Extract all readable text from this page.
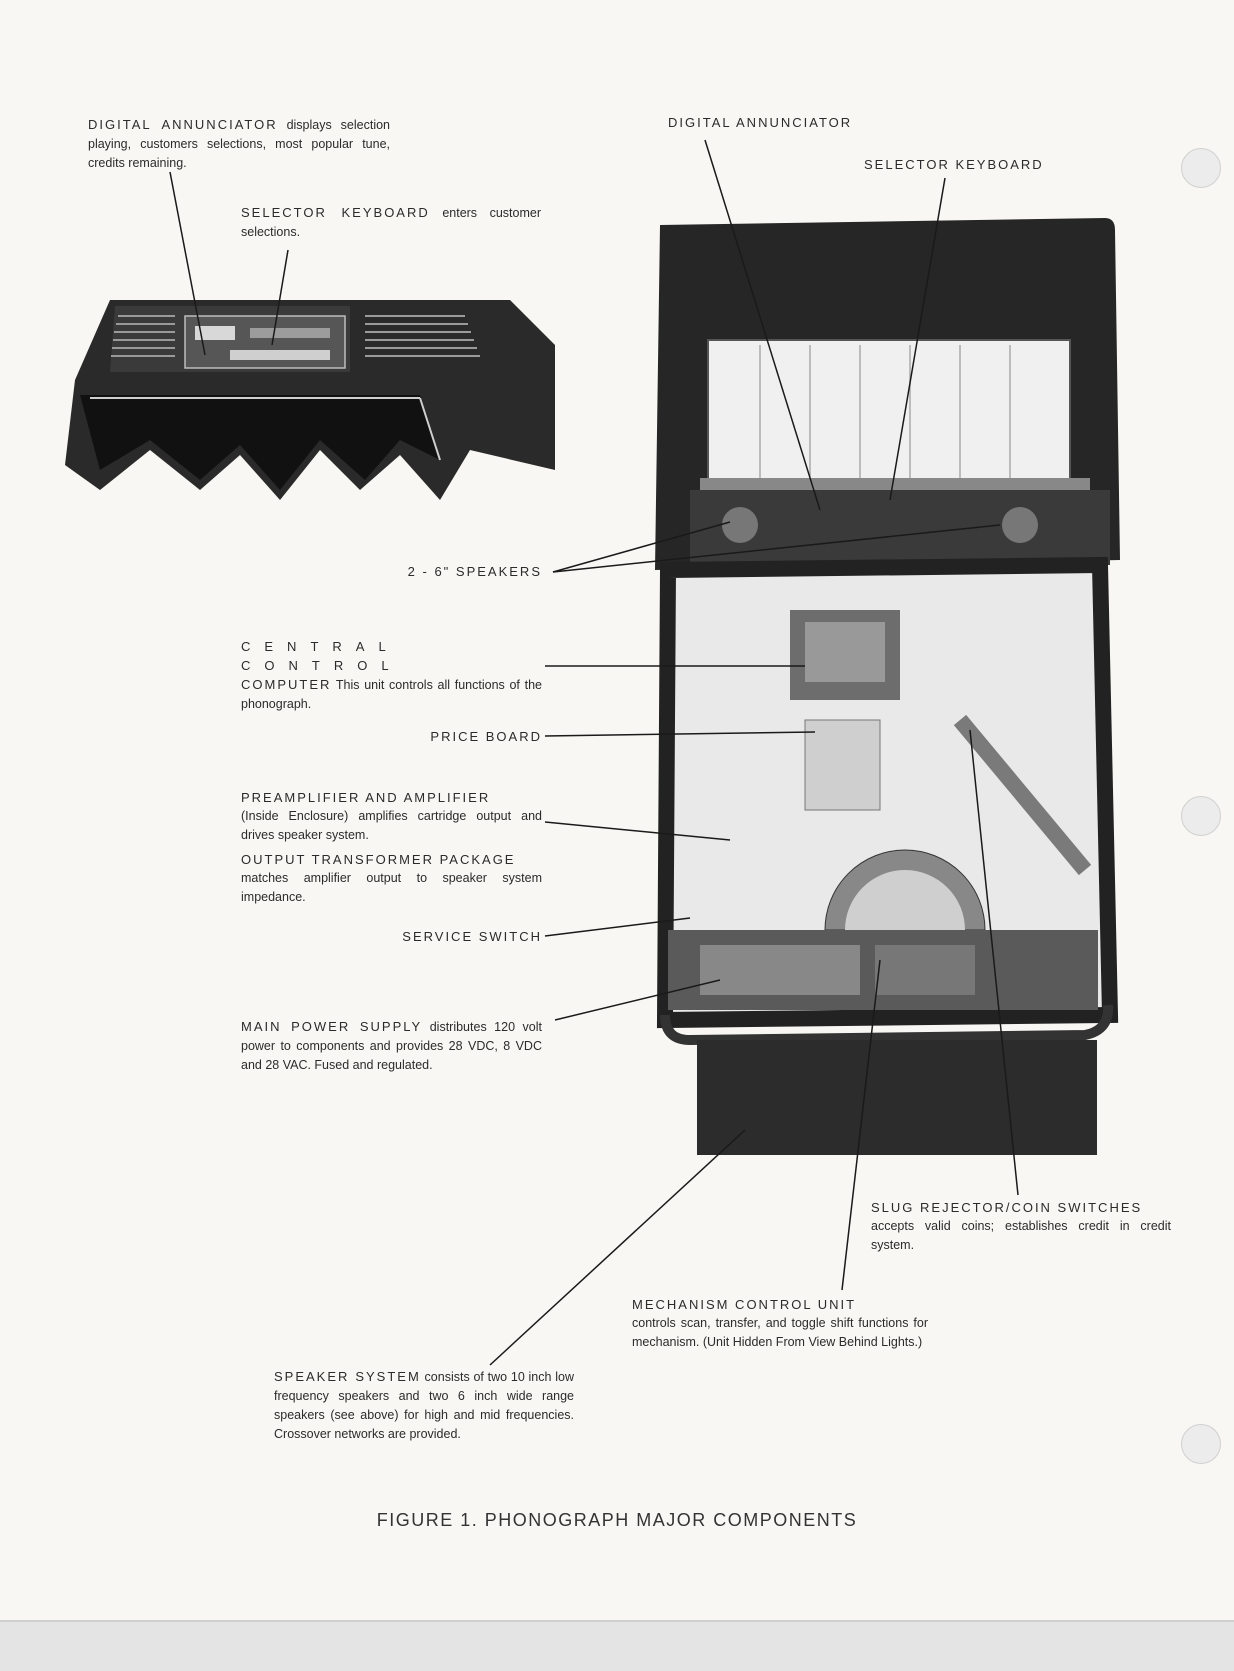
DIGITAL ANNUNCIATOR displays selection playing, customers selections, most popular tune, credits remaining.
SELECTOR KEYBOARD enters customer selections.
DIGITAL ANNUNCIATOR
SELECTOR KEYBOARD
2 - 6" SPEAKERS
CENTRAL CONTROL
COMPUTER This unit controls all functions of the phonograph.
PRICE BOARD
PREAMPLIFIER AND AMPLIFIER
(Inside Enclosure) amplifies cartridge output and drives speaker system.
OUTPUT TRANSFORMER PACKAGE
matches amplifier output to speaker system impedance.
SERVICE SWITCH
MAIN POWER SUPPLY distributes 120 volt power to components and provides 28 VDC, 8 VDC and 28 VAC. Fused and regulated.
SLUG REJECTOR/COIN SWITCHES
accepts valid coins; establishes credit in credit system.
MECHANISM CONTROL UNIT
controls scan, transfer, and toggle shift functions for mechanism. (Unit Hidden From View Behind Lights.)
SPEAKER SYSTEM consists of two 10 inch low frequency speakers and two 6 inch wide range speakers (see above) for high and mid frequencies. Crossover networks are provided.
FIGURE 1. PHONOGRAPH MAJOR COMPONENTS
